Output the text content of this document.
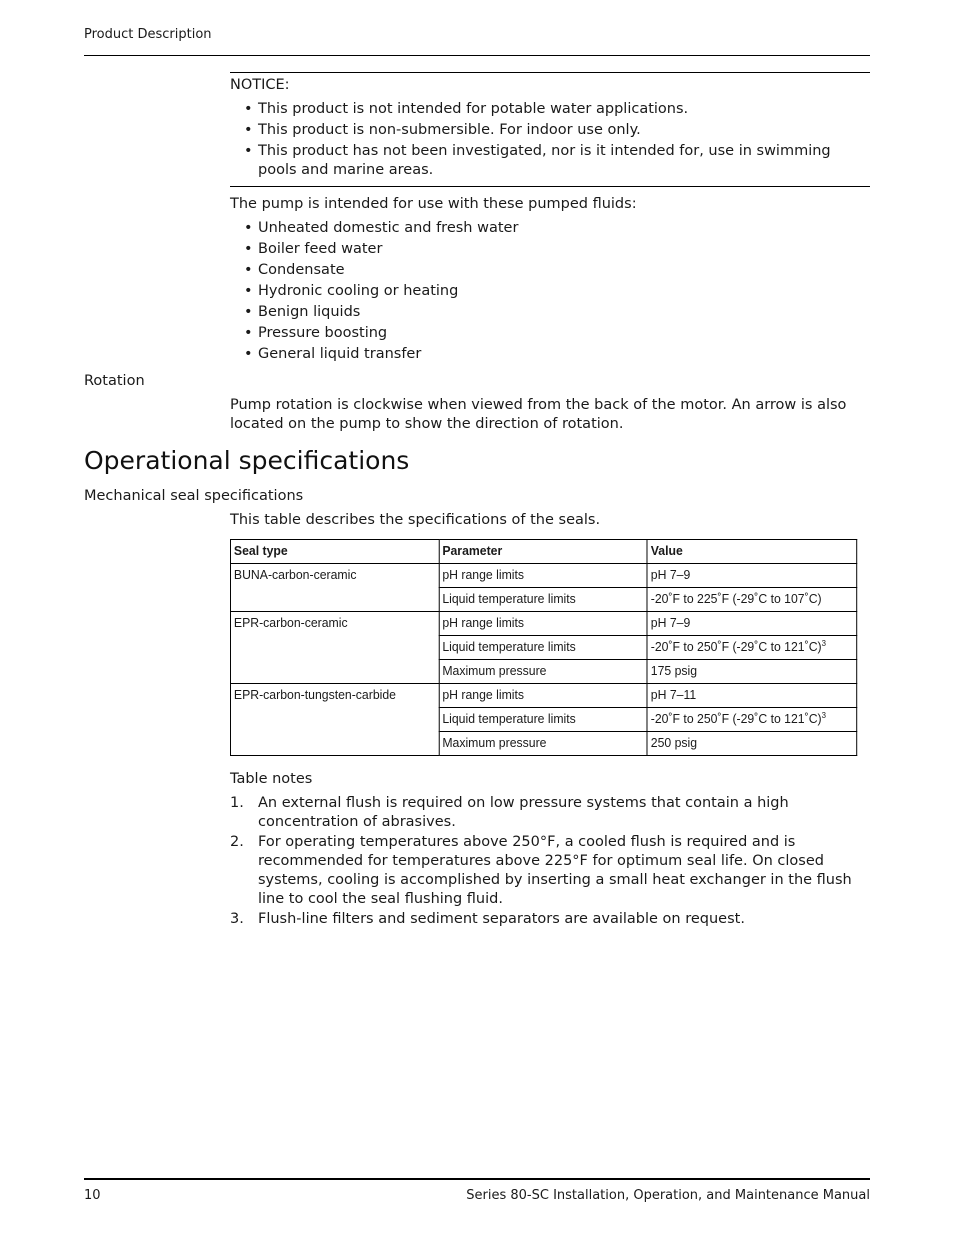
Product Description
NOTICE:
• This product is not intended for potable water applications.
• This product is non-submersible. For indoor use only.
• This product has not been investigated, nor is it intended for, use in swimming pools and marine areas.
The pump is intended for use with these pumped fluids:
• Unheated domestic and fresh water
• Boiler feed water
• Condensate
• Hydronic cooling or heating
• Benign liquids
• Pressure boosting
• General liquid transfer
Rotation
Pump rotation is clockwise when viewed from the back of the motor. An arrow is also located on the pump to show the direction of rotation.
Operational specifications
Mechanical seal specifications
This table describes the specifications of the seals.
Seal type	Parameter	Value
BUNA-carbon-ceramic	pH range limits	pH 7–9
	Liquid temperature limits	-20˚F to 225˚F (-29˚C to 107˚C)
EPR-carbon-ceramic	pH range limits	pH 7–9
	Liquid temperature limits	-20˚F to 250˚F (-29˚C to 121˚C)$^3$
	Maximum pressure	175 psig
EPR-carbon-tungsten-carbide	pH range limits	pH 7–11
	Liquid temperature limits	-20˚F to 250˚F (-29˚C to 121˚C)$^3$
	Maximum pressure	250 psig
Table notes
1. An external flush is required on low pressure systems that contain a high concentration of abrasives.
2. For operating temperatures above 250°F, a cooled flush is required and is recommended for temperatures above 225°F for optimum seal life. On closed systems, cooling is accomplished by inserting a small heat exchanger in the flush line to cool the seal flushing fluid.
3. Flush-line filters and sediment separators are available on request.
10	Series 80-SC Installation, Operation, and Maintenance Manual
